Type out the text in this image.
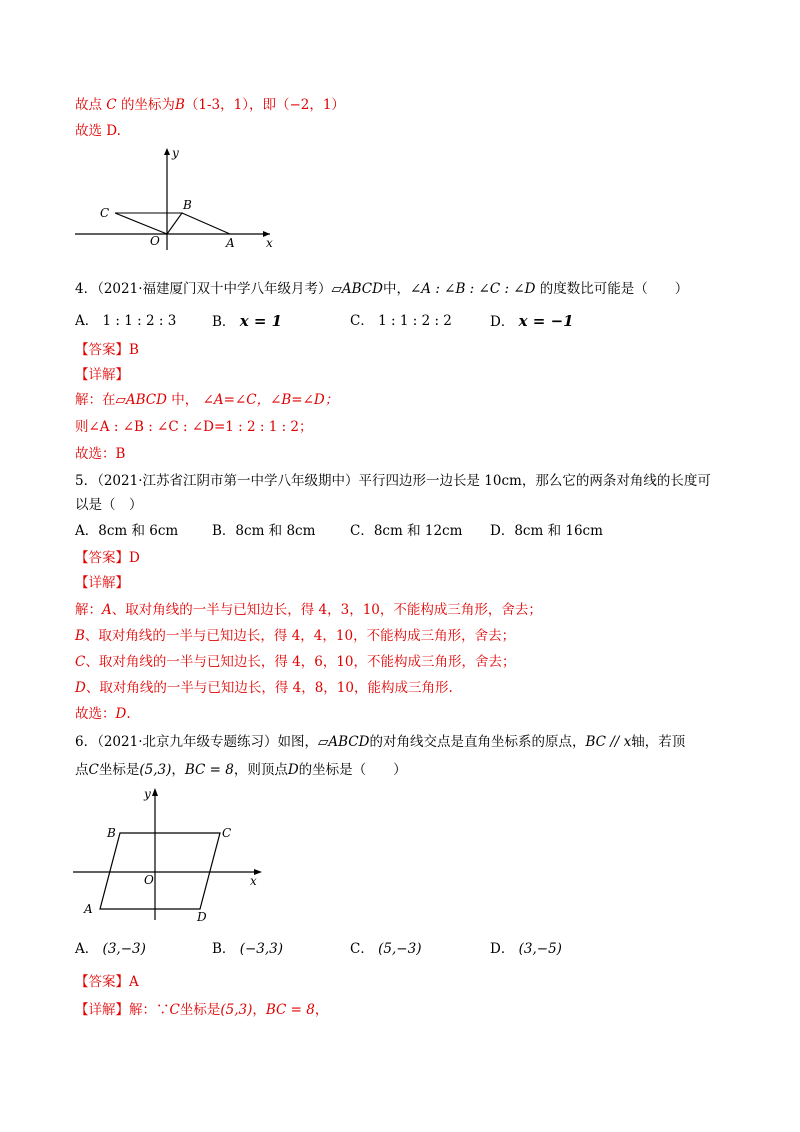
故点 C 的坐标为B（1-3，1），即（−2，1）
故选 D.
y
x
C
B
O	A
4．（2021·福建厦门双十中学八年级月考）▱ABCD中，∠A : ∠B : ∠C : ∠D 的度数比可能是（　　）
A． 1 : 1 : 2 : 3	B． x = 1	C． 1 : 1 : 2 : 2	D． x = −1
【答案】B
【详解】
解：在▱ABCD 中， ∠A=∠C，∠B=∠D；
则∠A : ∠B : ∠C : ∠D=1 : 2 : 1 : 2；
故选：B
5．（2021·江苏省江阴市第一中学八年级期中）平行四边形一边长是 10cm，那么它的两条对角线的长度可
以是（　）
A．8cm 和 6cm	B．8cm 和 8cm	C．8cm 和 12cm D．8cm 和 16cm
【答案】D
【详解】
解：A、取对角线的一半与已知边长，得 4，3，10，不能构成三角形，舍去；
B、取对角线的一半与已知边长，得 4，4，10，不能构成三角形，舍去；
C、取对角线的一半与已知边长，得 4，6，10，不能构成三角形，舍去；
D、取对角线的一半与已知边长，得 4，8，10，能构成三角形.
故选：D.
6．（2021·北京九年级专题练习）如图，▱ABCD的对角线交点是直角坐标系的原点，BC // x轴，若顶
点C坐标是(5,3)，BC = 8，则顶点D的坐标是（　　）
y
x
B	C
O
A
D
A． (3,−3)	B． (−3,3)	C． (5,−3)	D． (3,−5)
【答案】A
【详解】解：∵C坐标是(5,3)，BC = 8，
